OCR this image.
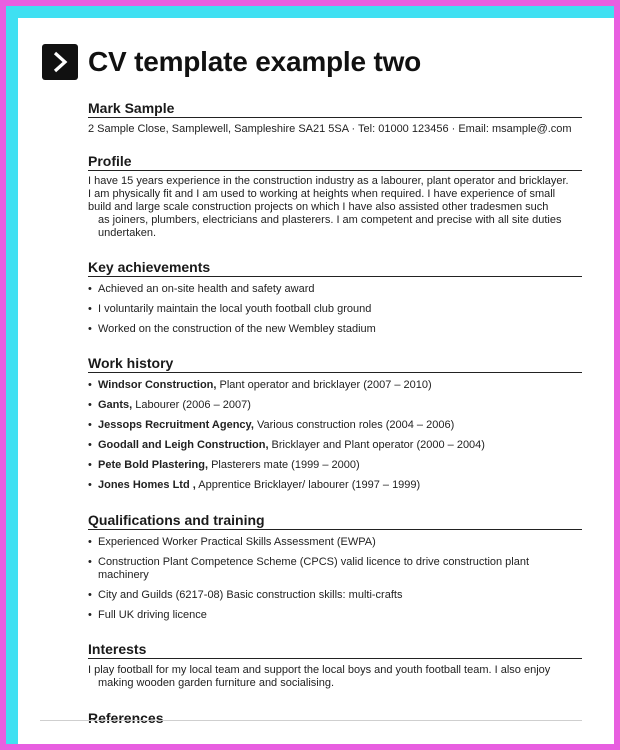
CV template example two
Mark Sample

2 Sample Close, Samplewell, Sampleshire SA21 5SA · Tel: 01000 123456 · Email: msample@.com

Profile

I have 15 years experience in the construction industry as a labourer, plant operator and bricklayer.

I am physically fit and I am used to working at heights when required. I have experience of small

build and large scale construction projects on which I have also assisted other tradesmen such

as joiners, plumbers, electricians and plasterers. I am competent and precise with all site duties

undertaken.

Key achievements
• Achieved an on-site health and safety award
• I voluntarily maintain the local youth football club ground
• Worked on the construction of the new Wembley stadium
Work history
• Windsor Construction, Plant operator and bricklayer (2007 – 2010)
• Gants, Labourer (2006 – 2007)
• Jessops Recruitment Agency, Various construction roles (2004 – 2006)
• Goodall and Leigh Construction, Bricklayer and Plant operator (2000 – 2004)
• Pete Bold Plastering, Plasterers mate (1999 – 2000)
• Jones Homes Ltd , Apprentice Bricklayer/ labourer (1997 – 1999)
Qualifications and training
• Experienced Worker Practical Skills Assessment (EWPA)
• Construction Plant Competence Scheme (CPCS) valid licence to drive construction plant machinery
• City and Guilds (6217-08) Basic construction skills: multi-crafts
• Full UK driving licence
Interests

I play football for my local team and support the local boys and youth football team. I also enjoy

making wooden garden furniture and socialising.

References
